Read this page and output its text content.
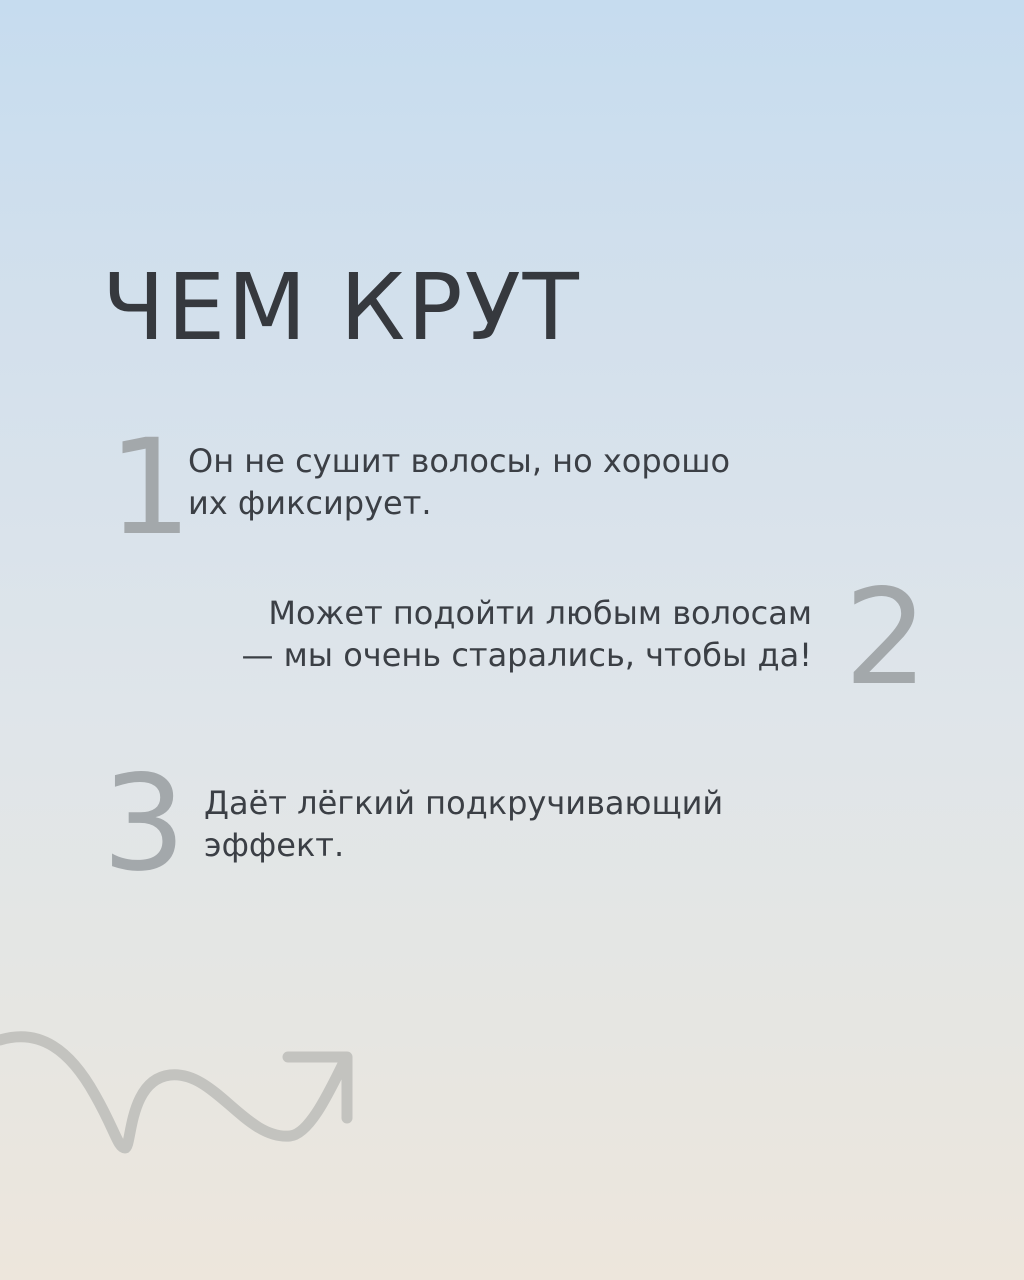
ЧЕМ КРУТ
1
Он не сушит волосы, но хорошо
их фиксирует.
2
Может подойти любым волосам
— мы очень старались, чтобы да!
3 Даёт лёгкий подкручивающий
эффект.
